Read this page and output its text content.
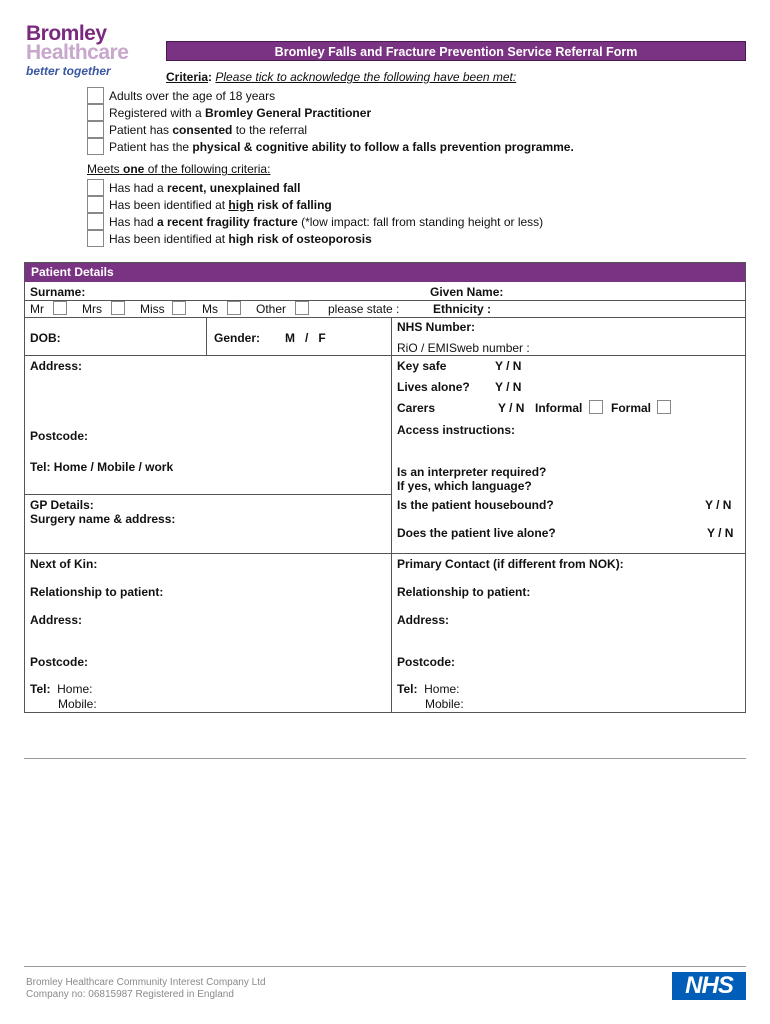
Bromley
Healthcare
better together
Bromley Falls and Fracture Prevention Service Referral Form
Criteria: Please tick to acknowledge the following have been met:
Adults over the age of 18 years
Registered with a Bromley General Practitioner
Patient has consented to the referral
Patient has the physical & cognitive ability to follow a falls prevention programme.
Meets one of the following criteria:
Has had a recent, unexplained fall
Has been identified at high risk of falling
Has had a recent fragility fracture (*low impact: fall from standing height or less)
Has been identified at high risk of osteoporosis
Patient Details
Surname:	Given Name:
Mr	Mrs	Miss	Ms	Other	please state :	Ethnicity :
DOB:	Gender: M   /   F
NHS Number:
RiO / EMISweb number :
Address:
Postcode:
Tel: Home / Mobile / work
Key safe	Y / N
Lives alone? Y / N
Carers	Y / N Informal Formal
Access instructions:
Is an interpreter required?
If yes, which language?
GP Details:
Surgery name & address:
Is the patient housebound?	Y / N
Does the patient live alone?	Y / N
Next of Kin:
Relationship to patient:
Address:
Postcode:
Tel: Home:
Mobile:
Primary Contact (if different from NOK):
Relationship to patient:
Address:
Postcode:
Tel: Home:
Mobile:
Bromley Healthcare Community Interest Company Ltd
Company no: 06815987 Registered in England	NHS
